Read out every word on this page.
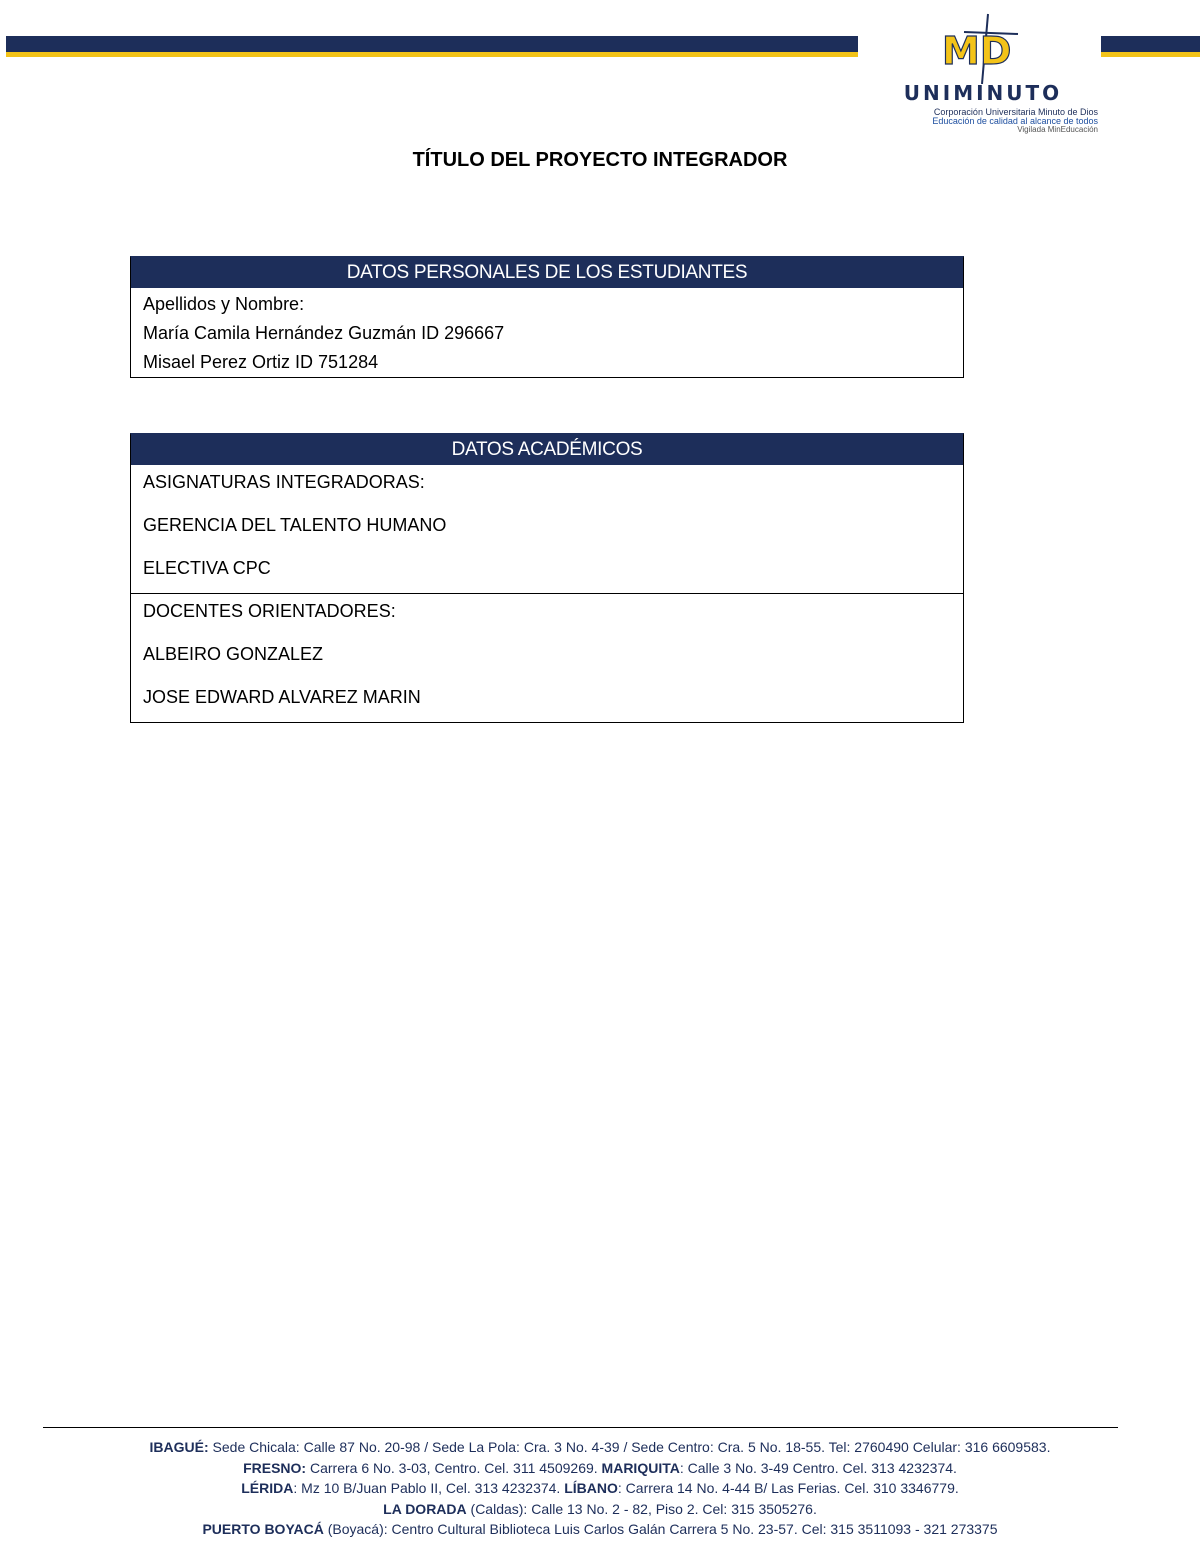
MD
UNIMINUTO
Corporación Universitaria Minuto de Dios
Educación de calidad al alcance de todos
Vigilada MinEducación
TÍTULO DEL PROYECTO INTEGRADOR
DATOS PERSONALES DE LOS ESTUDIANTES
Apellidos y Nombre:
María Camila Hernández Guzmán ID 296667
Misael Perez Ortiz ID 751284
DATOS ACADÉMICOS
ASIGNATURAS INTEGRADORAS:
GERENCIA DEL TALENTO HUMANO
ELECTIVA CPC
DOCENTES ORIENTADORES:
ALBEIRO GONZALEZ
JOSE EDWARD ALVAREZ MARIN
IBAGUÉ: Sede Chicala: Calle 87 No. 20-98 / Sede La Pola: Cra. 3 No. 4-39 / Sede Centro: Cra. 5 No. 18-55. Tel: 2760490 Celular: 316 6609583.
FRESNO: Carrera 6 No. 3-03, Centro. Cel. 311 4509269. MARIQUITA: Calle 3 No. 3-49 Centro. Cel. 313 4232374.
LÉRIDA: Mz 10 B/Juan Pablo II, Cel. 313 4232374. LÍBANO: Carrera 14 No. 4-44 B/ Las Ferias. Cel. 310 3346779.
LA DORADA (Caldas): Calle 13 No. 2 - 82, Piso 2. Cel: 315 3505276.
PUERTO BOYACÁ (Boyacá): Centro Cultural Biblioteca Luis Carlos Galán Carrera 5 No. 23-57. Cel: 315 3511093 - 321 273375
